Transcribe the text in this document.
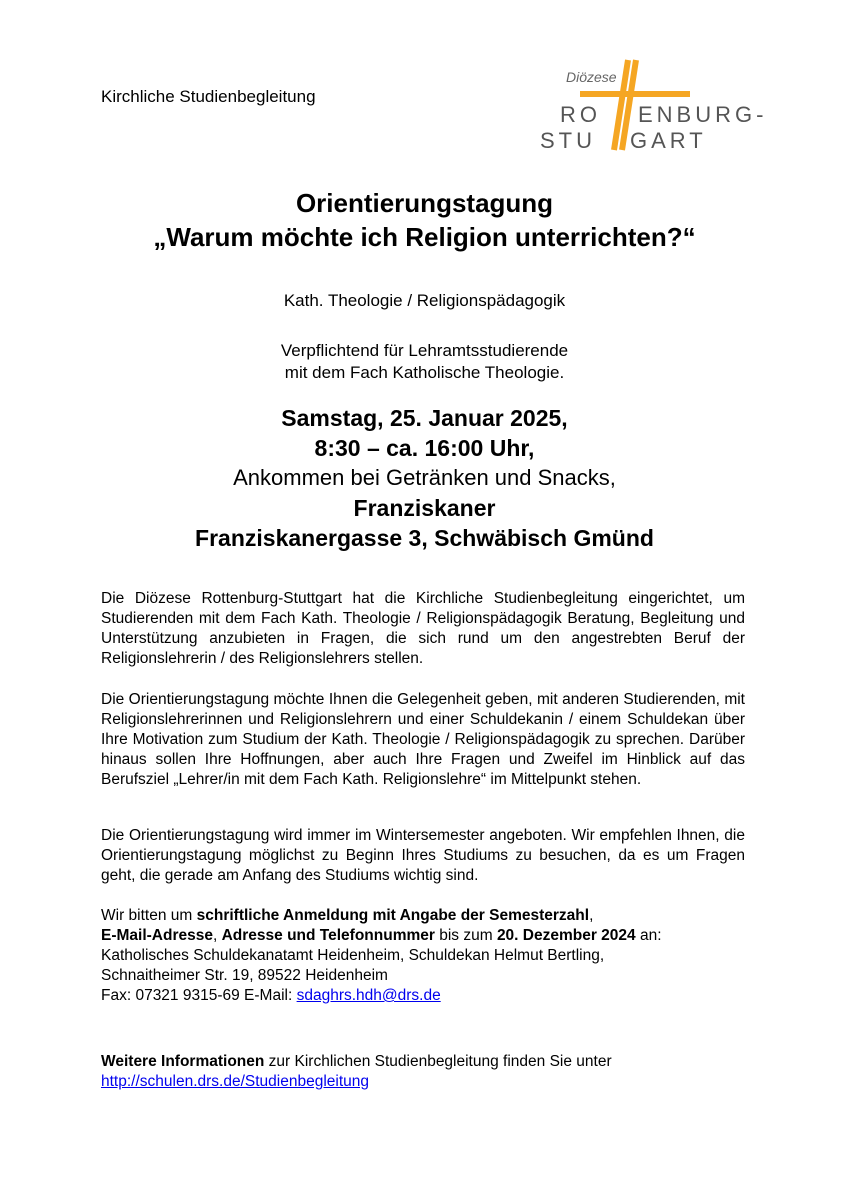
Kirchliche Studienbegleitung
Diözese
RO ENBURG-
STU GART
Orientierungstagung
„Warum möchte ich Religion unterrichten?“
Kath. Theologie / Religionspädagogik
Verpflichtend für Lehramtsstudierende
mit dem Fach Katholische Theologie.
Samstag, 25. Januar 2025,
8:30 – ca. 16:00 Uhr,
Ankommen bei Getränken und Snacks,
Franziskaner
Franziskanergasse 3, Schwäbisch Gmünd
Die Diözese Rottenburg-Stuttgart hat die Kirchliche Studienbegleitung eingerichtet, um Studierenden mit dem Fach Kath. Theologie / Religionspädagogik Beratung, Begleitung und Unterstützung anzubieten in Fragen, die sich rund um den angestrebten Beruf der Religionslehrerin / des Religionslehrers stellen.
Die Orientierungstagung möchte Ihnen die Gelegenheit geben, mit anderen Studierenden, mit Religionslehrerinnen und Religionslehrern und einer Schuldekanin / einem Schuldekan über Ihre Motivation zum Studium der Kath. Theologie / Religionspädagogik zu sprechen. Darüber hinaus sollen Ihre Hoffnungen, aber auch Ihre Fragen und Zweifel im Hinblick auf das Berufsziel „Lehrer/in mit dem Fach Kath. Religionslehre“ im Mittelpunkt stehen.
Die Orientierungstagung wird immer im Wintersemester angeboten. Wir empfehlen Ihnen, die Orientierungstagung möglichst zu Beginn Ihres Studiums zu besuchen, da es um Fragen geht, die gerade am Anfang des Studiums wichtig sind.
Wir bitten um schriftliche Anmeldung mit Angabe der Semesterzahl,
E-Mail-Adresse, Adresse und Telefonnummer bis zum 20. Dezember 2024 an:
Katholisches Schuldekanatamt Heidenheim, Schuldekan Helmut Bertling,
Schnaitheimer Str. 19, 89522 Heidenheim
Fax: 07321 9315-69 E-Mail: sdaghrs.hdh@drs.de
Weitere Informationen zur Kirchlichen Studienbegleitung finden Sie unter
http://schulen.drs.de/Studienbegleitung
